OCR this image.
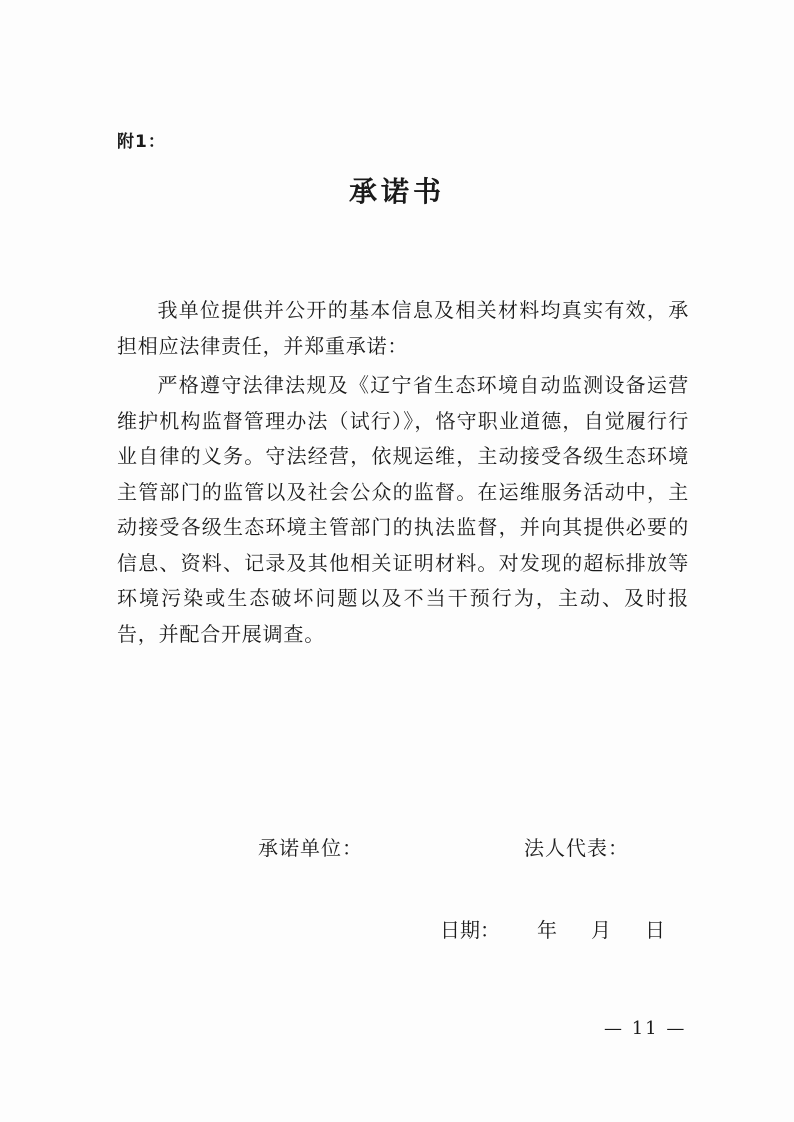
附1：
承诺书
我单位提供并公开的基本信息及相关材料均真实有效，承担相应法律责任，并郑重承诺：
严格遵守法律法规及《辽宁省生态环境自动监测设备运营维护机构监督管理办法（试行）》，恪守职业道德，自觉履行行业自律的义务。守法经营，依规运维，主动接受各级生态环境主管部门的监管以及社会公众的监督。在运维服务活动中，主动接受各级生态环境主管部门的执法监督，并向其提供必要的信息、资料、记录及其他相关证明材料。对发现的超标排放等环境污染或生态破坏问题以及不当干预行为，主动、及时报告，并配合开展调查。
承诺单位：	法人代表：
日期： 年 月 日
— 11 —
